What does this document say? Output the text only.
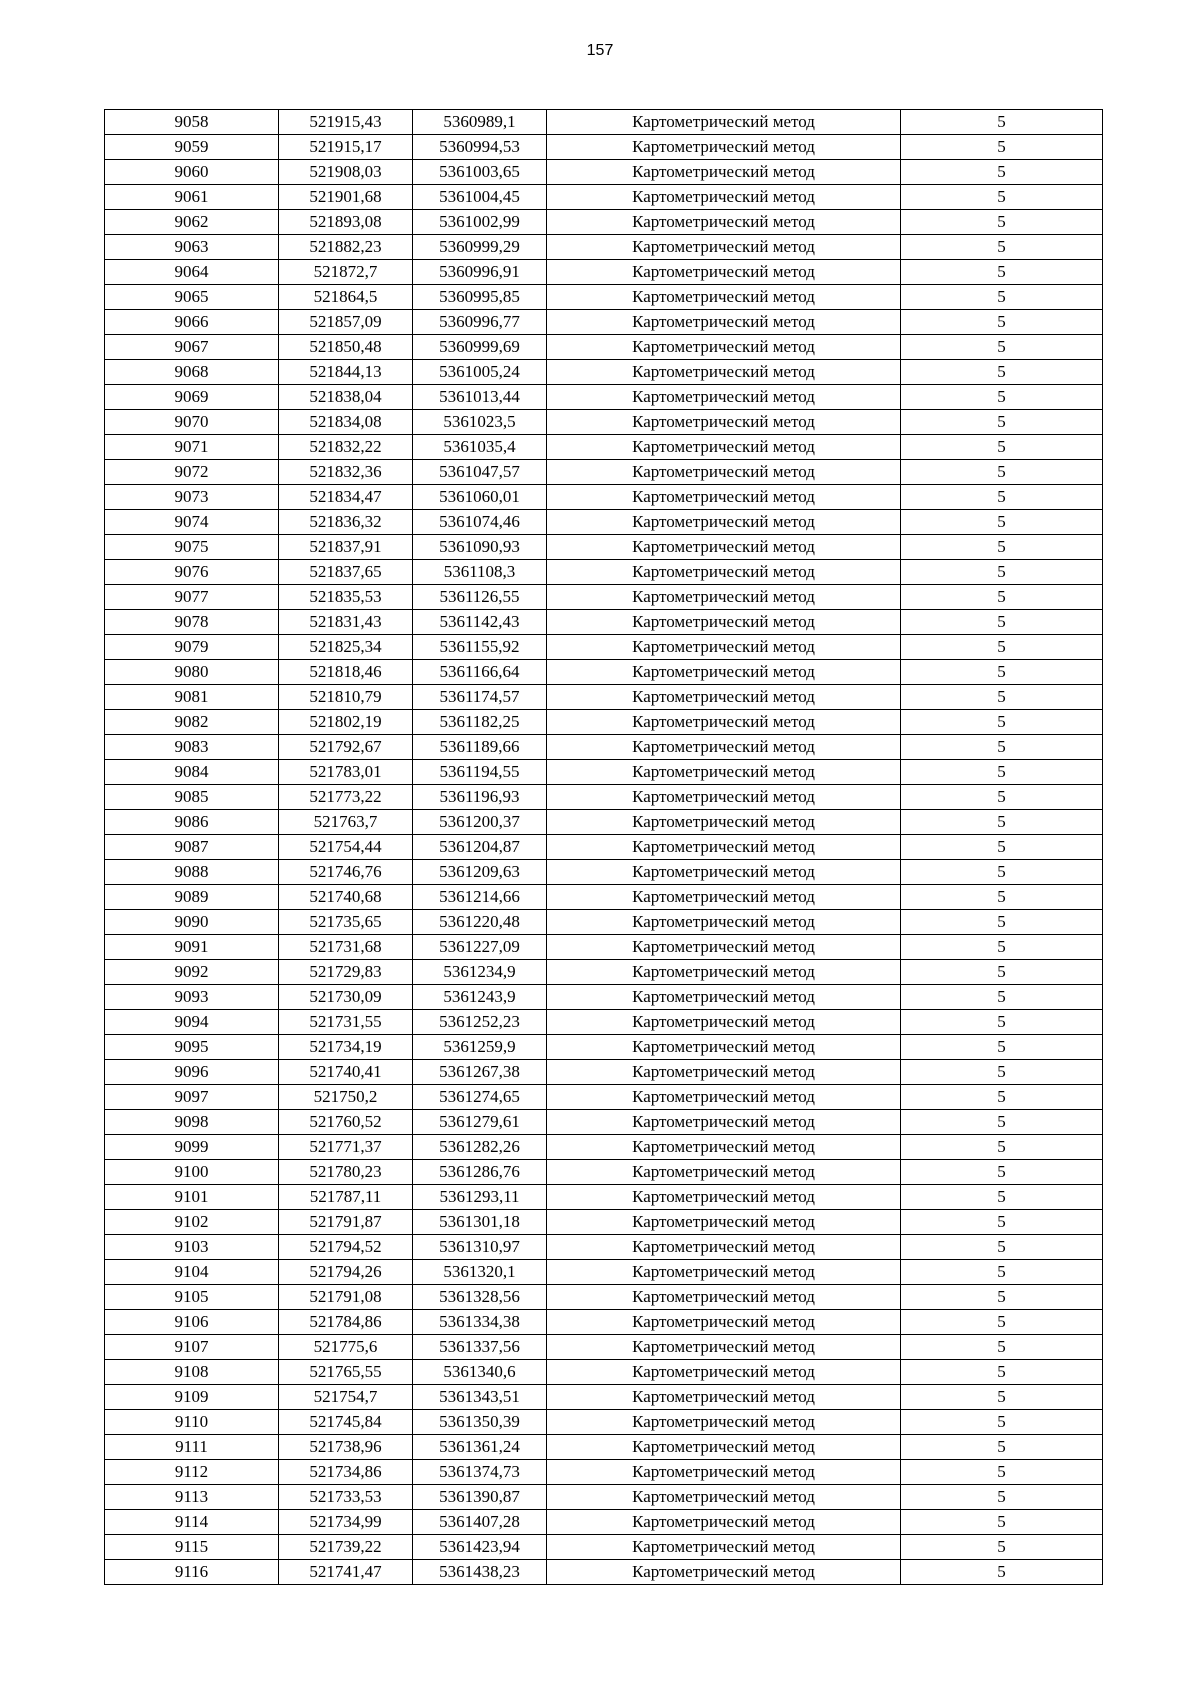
157
9058	521915,43	5360989,1	Картометрический метод	5
9059	521915,17	5360994,53	Картометрический метод	5
9060	521908,03	5361003,65	Картометрический метод	5
9061	521901,68	5361004,45	Картометрический метод	5
9062	521893,08	5361002,99	Картометрический метод	5
9063	521882,23	5360999,29	Картометрический метод	5
9064	521872,7	5360996,91	Картометрический метод	5
9065	521864,5	5360995,85	Картометрический метод	5
9066	521857,09	5360996,77	Картометрический метод	5
9067	521850,48	5360999,69	Картометрический метод	5
9068	521844,13	5361005,24	Картометрический метод	5
9069	521838,04	5361013,44	Картометрический метод	5
9070	521834,08	5361023,5	Картометрический метод	5
9071	521832,22	5361035,4	Картометрический метод	5
9072	521832,36	5361047,57	Картометрический метод	5
9073	521834,47	5361060,01	Картометрический метод	5
9074	521836,32	5361074,46	Картометрический метод	5
9075	521837,91	5361090,93	Картометрический метод	5
9076	521837,65	5361108,3	Картометрический метод	5
9077	521835,53	5361126,55	Картометрический метод	5
9078	521831,43	5361142,43	Картометрический метод	5
9079	521825,34	5361155,92	Картометрический метод	5
9080	521818,46	5361166,64	Картометрический метод	5
9081	521810,79	5361174,57	Картометрический метод	5
9082	521802,19	5361182,25	Картометрический метод	5
9083	521792,67	5361189,66	Картометрический метод	5
9084	521783,01	5361194,55	Картометрический метод	5
9085	521773,22	5361196,93	Картометрический метод	5
9086	521763,7	5361200,37	Картометрический метод	5
9087	521754,44	5361204,87	Картометрический метод	5
9088	521746,76	5361209,63	Картометрический метод	5
9089	521740,68	5361214,66	Картометрический метод	5
9090	521735,65	5361220,48	Картометрический метод	5
9091	521731,68	5361227,09	Картометрический метод	5
9092	521729,83	5361234,9	Картометрический метод	5
9093	521730,09	5361243,9	Картометрический метод	5
9094	521731,55	5361252,23	Картометрический метод	5
9095	521734,19	5361259,9	Картометрический метод	5
9096	521740,41	5361267,38	Картометрический метод	5
9097	521750,2	5361274,65	Картометрический метод	5
9098	521760,52	5361279,61	Картометрический метод	5
9099	521771,37	5361282,26	Картометрический метод	5
9100	521780,23	5361286,76	Картометрический метод	5
9101	521787,11	5361293,11	Картометрический метод	5
9102	521791,87	5361301,18	Картометрический метод	5
9103	521794,52	5361310,97	Картометрический метод	5
9104	521794,26	5361320,1	Картометрический метод	5
9105	521791,08	5361328,56	Картометрический метод	5
9106	521784,86	5361334,38	Картометрический метод	5
9107	521775,6	5361337,56	Картометрический метод	5
9108	521765,55	5361340,6	Картометрический метод	5
9109	521754,7	5361343,51	Картометрический метод	5
9110	521745,84	5361350,39	Картометрический метод	5
9111	521738,96	5361361,24	Картометрический метод	5
9112	521734,86	5361374,73	Картометрический метод	5
9113	521733,53	5361390,87	Картометрический метод	5
9114	521734,99	5361407,28	Картометрический метод	5
9115	521739,22	5361423,94	Картометрический метод	5
9116	521741,47	5361438,23	Картометрический метод	5
